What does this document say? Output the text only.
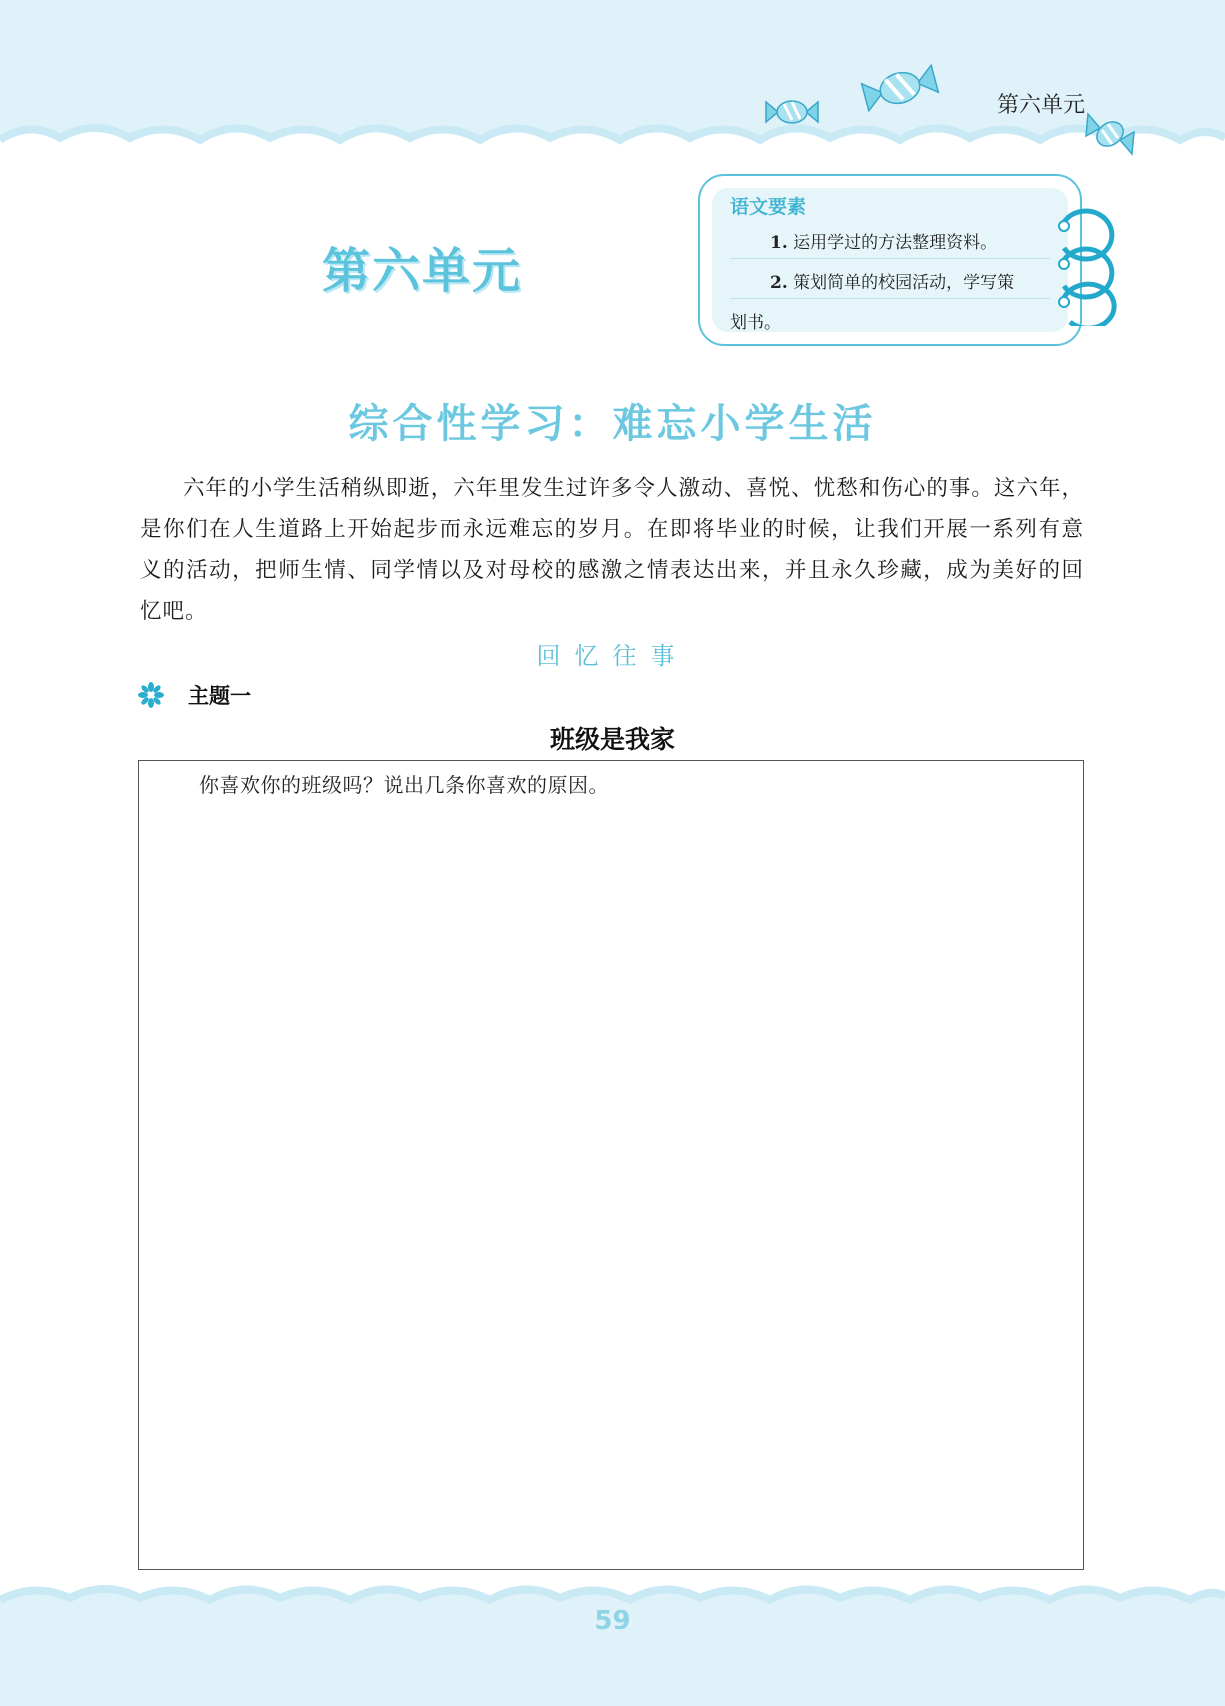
第六单元
第六单元
语文要素
1. 运用学过的方法整理资料。
2. 策划简单的校园活动，学写策
划书。
综合性学习：难忘小学生活

六年的小学生活稍纵即逝，六年里发生过许多令人激动、喜悦、忧愁和伤心的事。这六年，是你们在人生道路上开始起步而永远难忘的岁月。在即将毕业的时候，让我们开展一系列有意义的活动，把师生情、同学情以及对母校的感激之情表达出来，并且永久珍藏，成为美好的回忆吧。

回忆往事
主题一
班级是我家
你喜欢你的班级吗？说出几条你喜欢的原因。
59
